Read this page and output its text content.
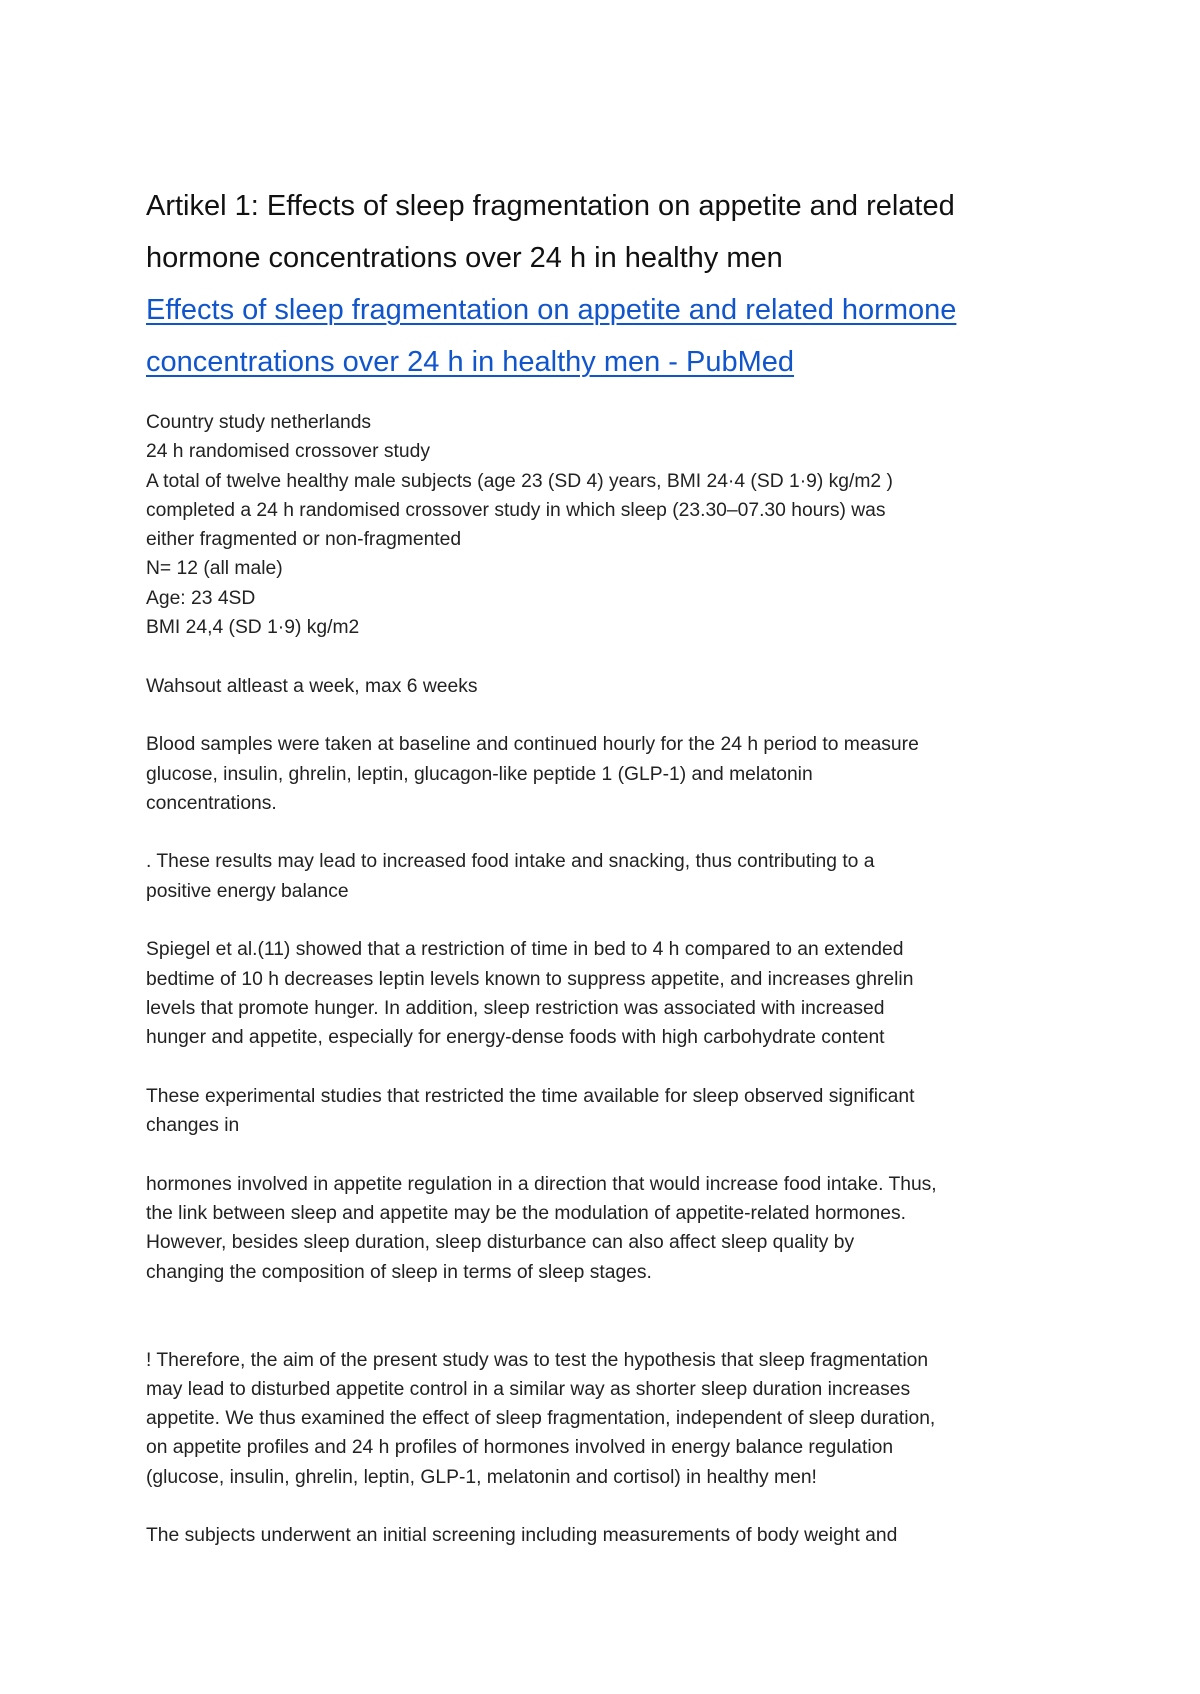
Artikel 1: Effects of sleep fragmentation on appetite and related
hormone concentrations over 24 h in healthy men
Effects of sleep fragmentation on appetite and related hormone
concentrations over 24 h in healthy men - PubMed
Country study netherlands
24 h randomised crossover study
A total of twelve healthy male subjects (age 23 (SD 4) years, BMI 24·4 (SD 1·9) kg/m2 )
completed a 24 h randomised crossover study in which sleep (23.30–07.30 hours) was
either fragmented or non-fragmented
N= 12 (all male)
Age: 23 4SD
BMI 24,4 (SD 1·9) kg/m2
Wahsout altleast a week, max 6 weeks
Blood samples were taken at baseline and continued hourly for the 24 h period to measure
glucose, insulin, ghrelin, leptin, glucagon-like peptide 1 (GLP-1) and melatonin
concentrations.
. These results may lead to increased food intake and snacking, thus contributing to a
positive energy balance
Spiegel et al.(11) showed that a restriction of time in bed to 4 h compared to an extended
bedtime of 10 h decreases leptin levels known to suppress appetite, and increases ghrelin
levels that promote hunger. In addition, sleep restriction was associated with increased
hunger and appetite, especially for energy-dense foods with high carbohydrate content
These experimental studies that restricted the time available for sleep observed significant
changes in
hormones involved in appetite regulation in a direction that would increase food intake. Thus,
the link between sleep and appetite may be the modulation of appetite-related hormones.
However, besides sleep duration, sleep disturbance can also affect sleep quality by
changing the composition of sleep in terms of sleep stages.
! Therefore, the aim of the present study was to test the hypothesis that sleep fragmentation
may lead to disturbed appetite control in a similar way as shorter sleep duration increases
appetite. We thus examined the effect of sleep fragmentation, independent of sleep duration,
on appetite profiles and 24 h profiles of hormones involved in energy balance regulation
(glucose, insulin, ghrelin, leptin, GLP-1, melatonin and cortisol) in healthy men!
The subjects underwent an initial screening including measurements of body weight and
